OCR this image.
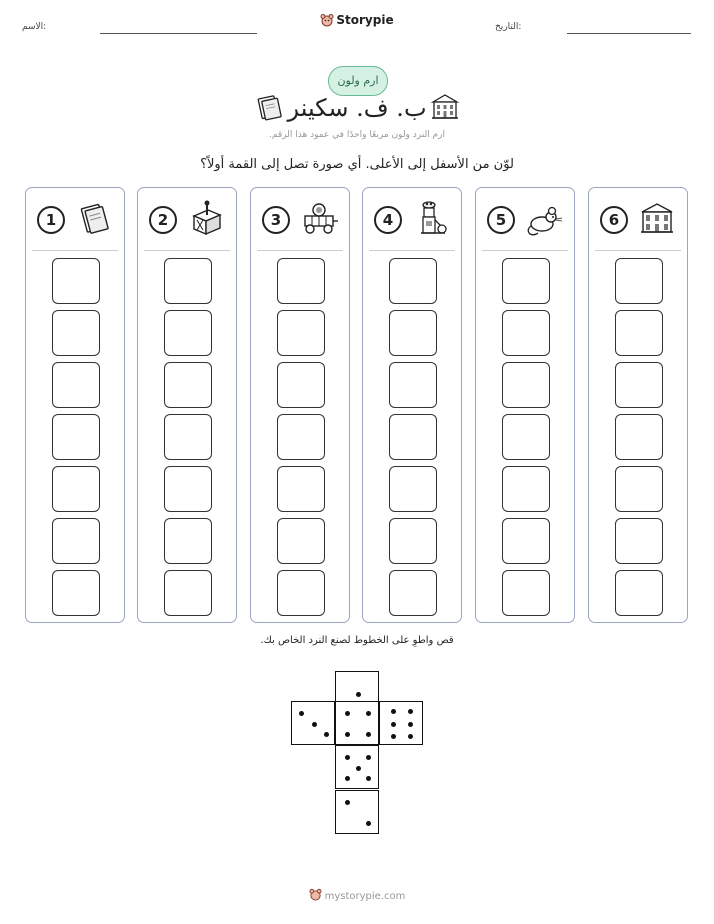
الاسم:	Storypie	التاريخ:
ارم ولون
ب. ف. سكينر
ارم النرد ولون مربعًا واحدًا في عمود هذا الرقم.
لوّن من الأسفل إلى الأعلى. أي صورة تصل إلى القمة أولاً؟
1	2	3	4	5	6
قص واطوِ على الخطوط لصنع النرد الخاص بك.
mystorypie.com
